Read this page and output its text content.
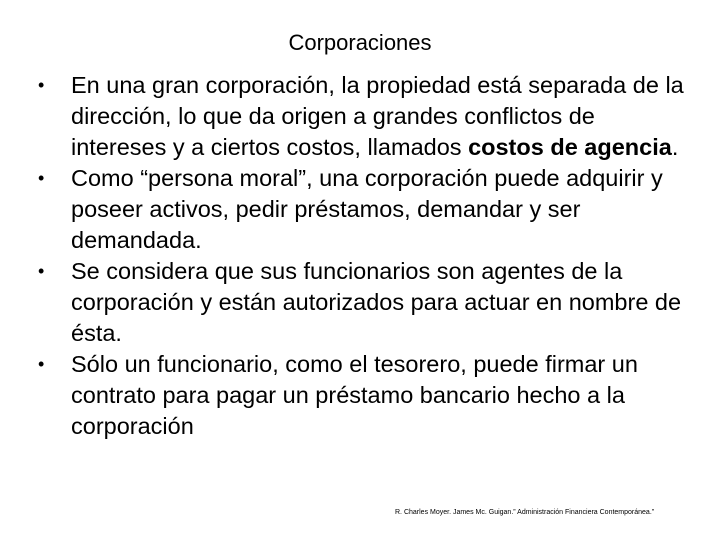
Corporaciones
• En una gran corporación, la propiedad está separada de la dirección, lo que da origen a grandes conflictos de intereses y a ciertos costos, llamados costos de agencia.
• Como “persona moral”, una corporación puede adquirir y poseer activos, pedir préstamos, demandar y ser demandada.
• Se considera que sus funcionarios son agentes de la corporación y están autorizados para actuar en nombre de ésta.
• Sólo un funcionario, como el tesorero, puede firmar un contrato para pagar un préstamo bancario hecho a la corporación
R. Charles Moyer. James Mc. Guigan.” Administración Financiera Contemporánea.”
